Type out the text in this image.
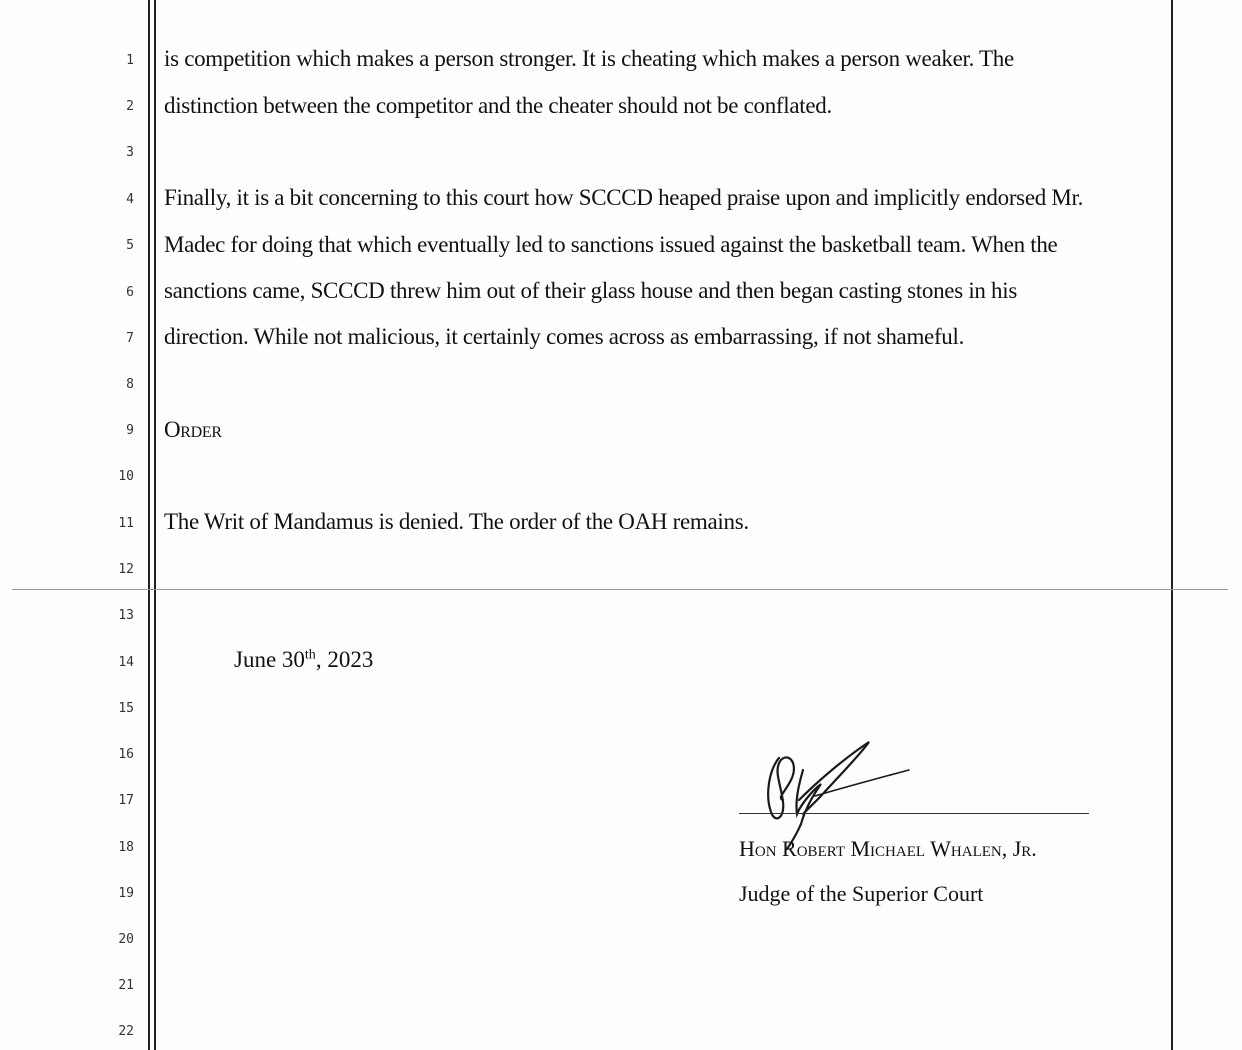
1
2
3
4
5
6
7
8
9
10
11
12
13
14
15
16
17
18
19
20
21
22
is competition which makes a person stronger. It is cheating which makes a person weaker. The
distinction between the competitor and the cheater should not be conflated.
Finally, it is a bit concerning to this court how SCCCD heaped praise upon and implicitly endorsed Mr.
Madec for doing that which eventually led to sanctions issued against the basketball team. When the
sanctions came, SCCCD threw him out of their glass house and then began casting stones in his
direction. While not malicious, it certainly comes across as embarrassing, if not shameful.
Order
The Writ of Mandamus is denied. The order of the OAH remains.
June 30th, 2023
Hon Robert Michael Whalen, Jr.
Judge of the Superior Court
